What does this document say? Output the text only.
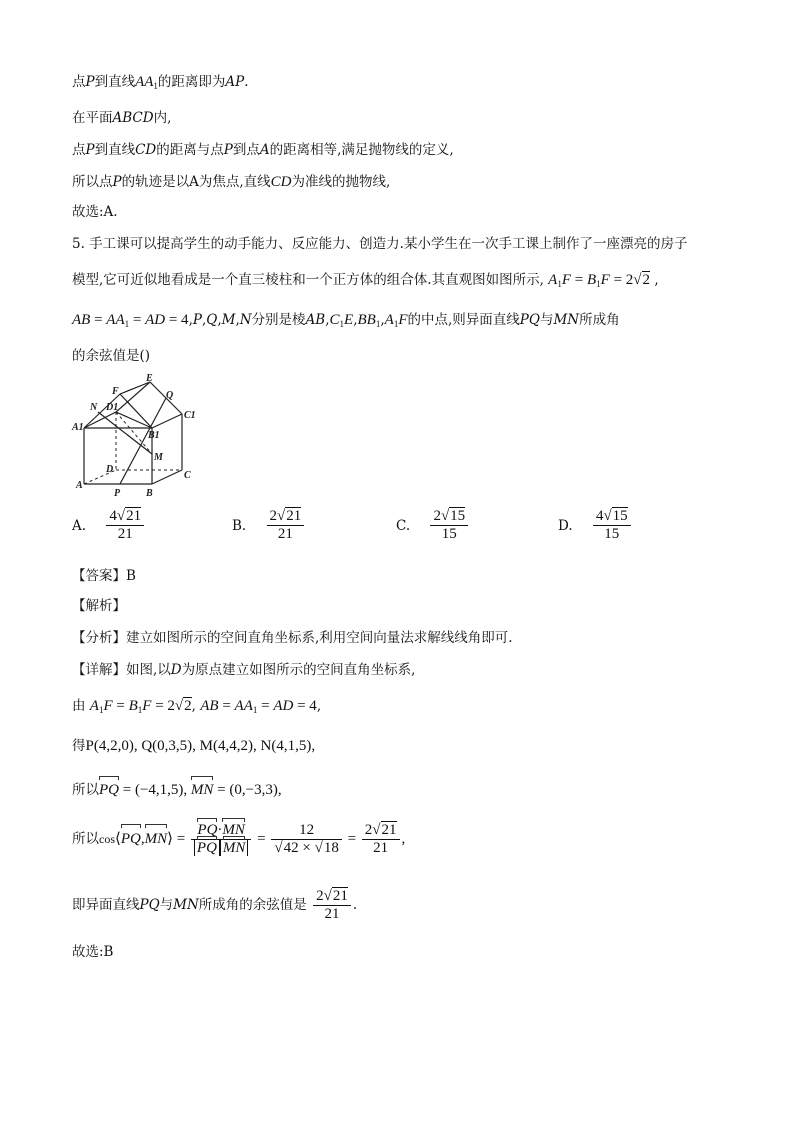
点P到直线$AA_1$的距离即为AP.
在平面ABCD内,
点P到直线CD的距离与点P到点A的距离相等,满足抛物线的定义,
所以点P的轨迹是以A为焦点,直线CD为准线的抛物线,
故选:A.
5. 手工课可以提高学生的动手能力、反应能力、创造力.某小学生在一次手工课上制作了一座漂亮的房子
模型,它可近似地看成是一个直三棱柱和一个正方体的组合体.其直观图如图所示, $A_1F = B_1F = 2√2$ ,
AB = $AA_1$ = AD = 4,P,Q,M,N分别是棱$AB,C_1E,BB_1,A_1F$的中点,则异面直线PQ与MN所成角
的余弦值是()
F
E
Q
N D1
C1
A1
B1
M
D
C
A
P	B
A. $\frac{4√21}{21}$	B. $\frac{2√21}{21}$	C. $\frac{2√15}{15}$	D. $\frac{4√15}{15}$
【答案】B
【解析】
【分析】建立如图所示的空间直角坐标系,利用空间向量法求解线线角即可.
【详解】如图,以D为原点建立如图所示的空间直角坐标系,
由 $A_1F = B_1F = 2√2$, AB = $AA_1$ = AD = 4,
得P(4,2,0), Q(0,3,5), M(4,4,2), N(4,1,5),
所以PQ = (−4,1,5), MN = (0,−3,3),
所以cos⟨PQ,MN⟩ = $\frac{PQ\cdot MN}{\text{PQ MN}} = \frac{12}{√42 \times √18} = \frac{2√21}{21}$ ,
即异面直线PQ与MN所成角的余弦值是 $\frac{2√21}{21}$ .
故选:B
